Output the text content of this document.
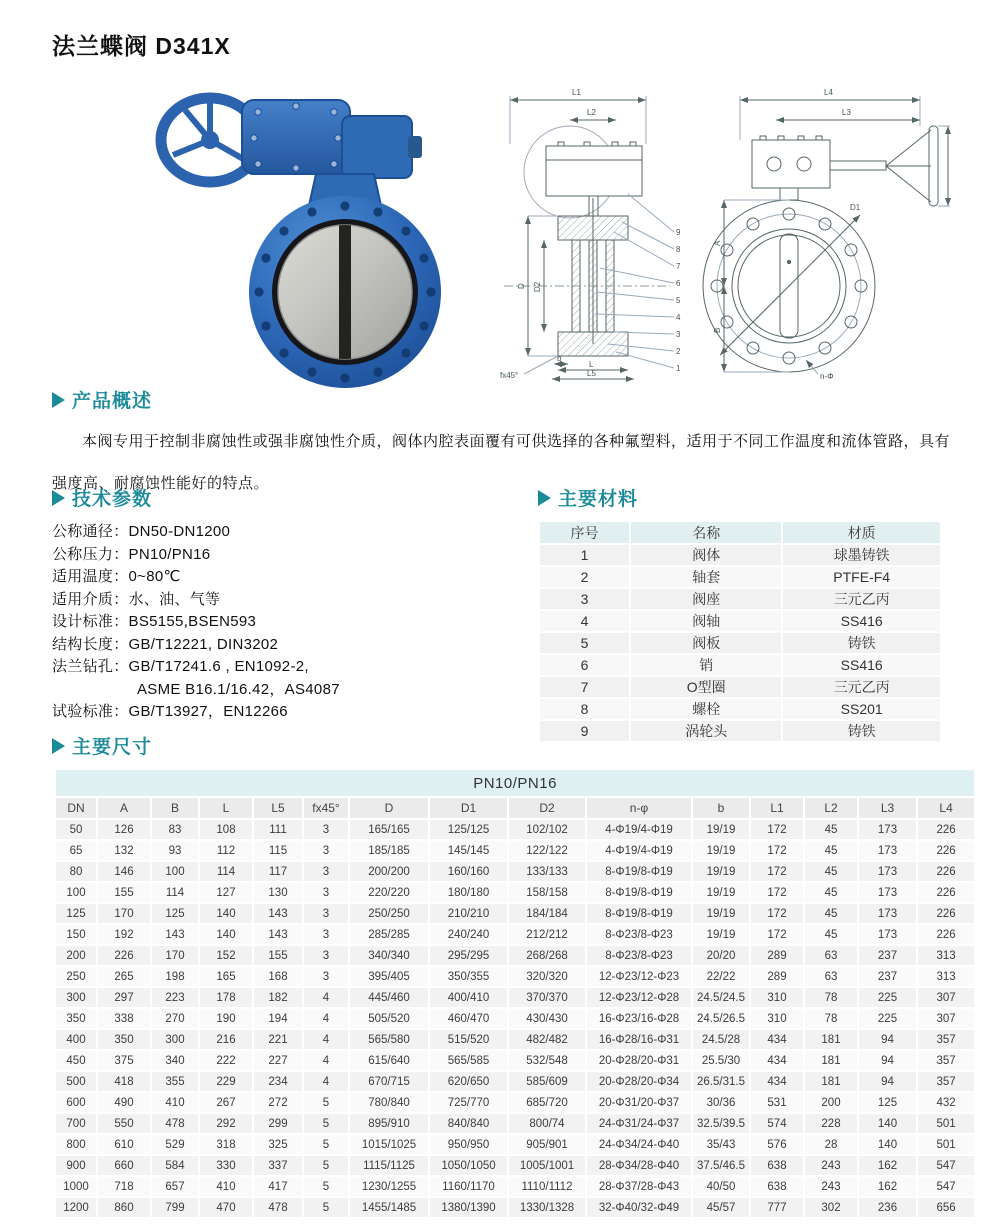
法兰蝶阀 D341X
L1
L2
D D2
b
fx45°
L
L5
9
8
7
6
5
4
3
2
1
L4
L3
D1
A
B
n-Φ
产品概述

本阀专用于控制非腐蚀性或强非腐蚀性介质，阀体内腔表面覆有可供选择的各种氟塑料，适用于不同工作温度和流体管路，具有强度高、耐腐蚀性能好的特点。

技术参数
公称通径：DN50-DN1200
公称压力：PN10/PN16
适用温度：0~80℃
适用介质：水、油、气等
设计标准：BS5155,BSEN593
结构长度：GB/T12221, DIN3202
法兰钻孔：GB/T17241.6 , EN1092-2,
ASME B16.1/16.42，AS4087
试验标准：GB/T13927，EN12266
主要材料
序号	名称	材质
1	阀体	球墨铸铁
2	轴套	PTFE-F4
3	阀座	三元乙丙
4	阀轴	SS416
5	阀板	铸铁
6	销	SS416
7	O型圈	三元乙丙
8	螺栓	SS201
9	涡轮头	铸铁
主要尺寸
PN10/PN16														
DN	A	B	L	L5	fx45°	D	D1	D2	n-φ	b	L1	L2	L3	L4
50	126	83	108	111	3	165/165	125/125	102/102	4-Φ19/4-Φ19	19/19	172	45	173	226
65	132	93	112	115	3	185/185	145/145	122/122	4-Φ19/4-Φ19	19/19	172	45	173	226
80	146	100	114	117	3	200/200	160/160	133/133	8-Φ19/8-Φ19	19/19	172	45	173	226
100	155	114	127	130	3	220/220	180/180	158/158	8-Φ19/8-Φ19	19/19	172	45	173	226
125	170	125	140	143	3	250/250	210/210	184/184	8-Φ19/8-Φ19	19/19	172	45	173	226
150	192	143	140	143	3	285/285	240/240	212/212	8-Φ23/8-Φ23	19/19	172	45	173	226
200	226	170	152	155	3	340/340	295/295	268/268	8-Φ23/8-Φ23	20/20	289	63	237	313
250	265	198	165	168	3	395/405	350/355	320/320	12-Φ23/12-Φ23	22/22	289	63	237	313
300	297	223	178	182	4	445/460	400/410	370/370	12-Φ23/12-Φ28	24.5/24.5	310	78	225	307
350	338	270	190	194	4	505/520	460/470	430/430	16-Φ23/16-Φ28	24.5/26.5	310	78	225	307
400	350	300	216	221	4	565/580	515/520	482/482	16-Φ28/16-Φ31	24.5/28	434	181	94	357
450	375	340	222	227	4	615/640	565/585	532/548	20-Φ28/20-Φ31	25.5/30	434	181	94	357
500	418	355	229	234	4	670/715	620/650	585/609	20-Φ28/20-Φ34	26.5/31.5	434	181	94	357
600	490	410	267	272	5	780/840	725/770	685/720	20-Φ31/20-Φ37	30/36	531	200	125	432
700	550	478	292	299	5	895/910	840/840	800/74	24-Φ31/24-Φ37	32.5/39.5	574	228	140	501
800	610	529	318	325	5	1015/1025	950/950	905/901	24-Φ34/24-Φ40	35/43	576	28	140	501
900	660	584	330	337	5	1115/1125	1050/1050	1005/1001	28-Φ34/28-Φ40	37.5/46.5	638	243	162	547
1000	718	657	410	417	5	1230/1255	1160/1170	1110/1112	28-Φ37/28-Φ43	40/50	638	243	162	547
1200	860	799	470	478	5	1455/1485	1380/1390	1330/1328	32-Φ40/32-Φ49	45/57	777	302	236	656
